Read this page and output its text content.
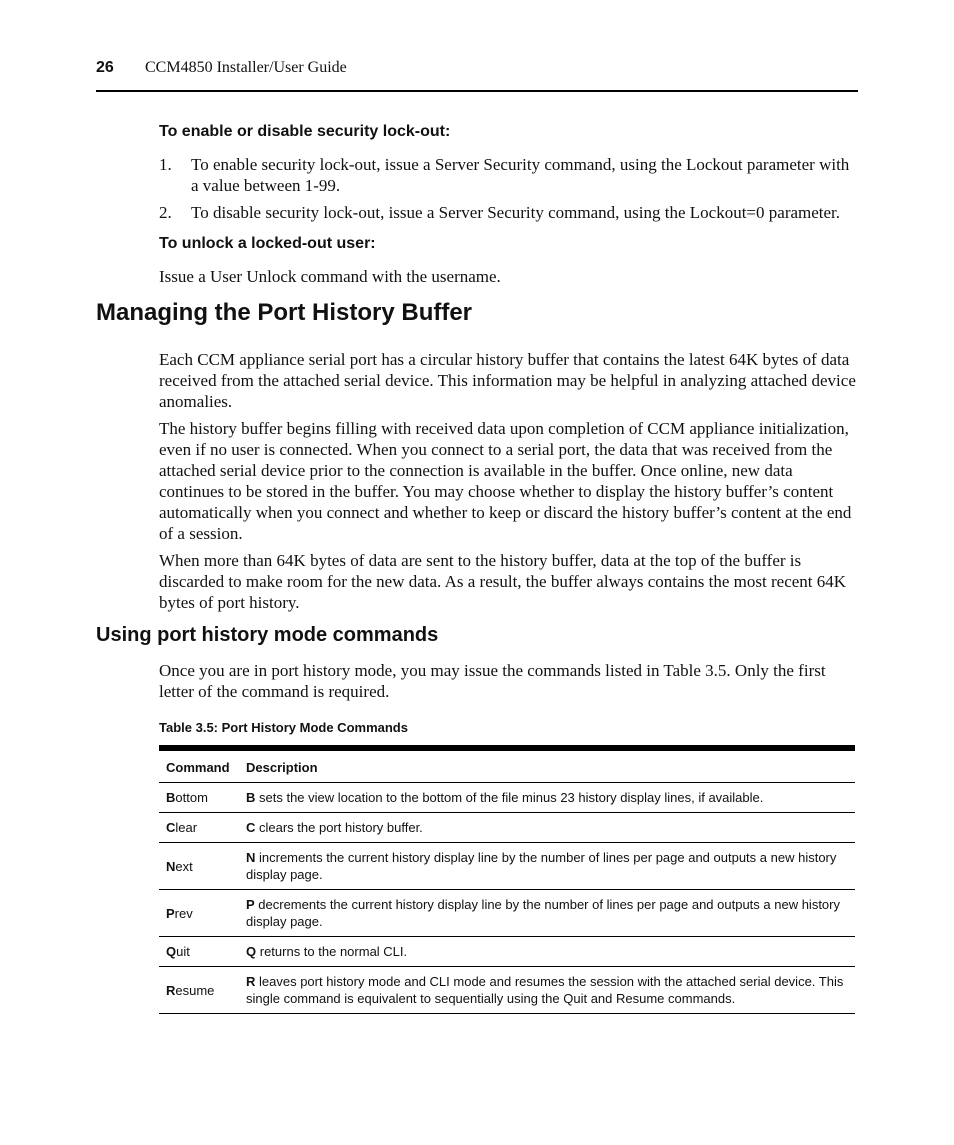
26 CCM4850 Installer/User Guide
To enable or disable security lock-out:
1.	To enable security lock-out, issue a Server Security command, using the Lockout parameter with a value between 1-99.
2.	To disable security lock-out, issue a Server Security command, using the Lockout=0 parameter.
To unlock a locked-out user:
Issue a User Unlock command with the username.
Managing the Port History Buffer
Each CCM appliance serial port has a circular history buffer that contains the latest 64K bytes of data received from the attached serial device. This information may be helpful in analyzing attached device anomalies.
The history buffer begins filling with received data upon completion of CCM appliance initialization, even if no user is connected. When you connect to a serial port, the data that was received from the attached serial device prior to the connection is available in the buffer. Once online, new data continues to be stored in the buffer. You may choose whether to display the history buffer’s content automatically when you connect and whether to keep or discard the history buffer’s content at the end of a session.
When more than 64K bytes of data are sent to the history buffer, data at the top of the buffer is discarded to make room for the new data. As a result, the buffer always contains the most recent 64K bytes of port history.
Using port history mode commands
Once you are in port history mode, you may issue the commands listed in Table 3.5. Only the first letter of the command is required.
Table 3.5: Port History Mode Commands
Command	Description
Bottom	B sets the view location to the bottom of the file minus 23 history display lines, if available.
Clear	C clears the port history buffer.
Next	N increments the current history display line by the number of lines per page and outputs a new history display page.
Prev	P decrements the current history display line by the number of lines per page and outputs a new history display page.
Quit	Q returns to the normal CLI.
Resume	R leaves port history mode and CLI mode and resumes the session with the attached serial device. This single command is equivalent to sequentially using the Quit and Resume commands.
